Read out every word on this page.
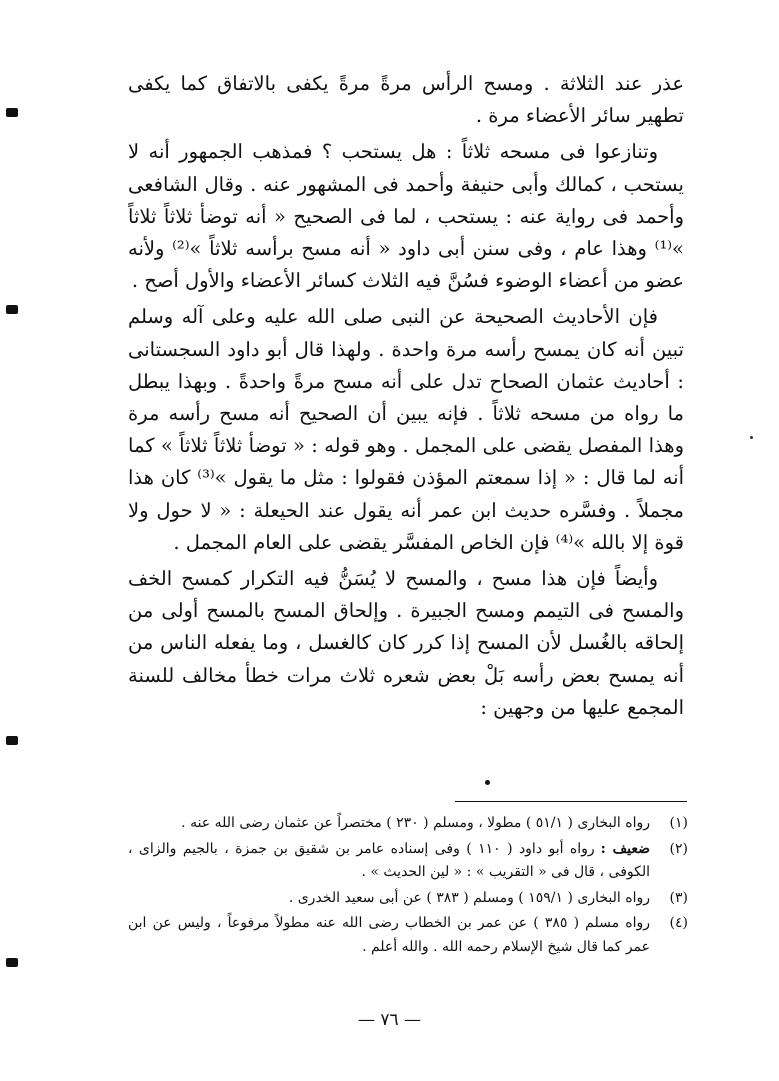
عذر عند الثلاثة . ومسح الرأس مرةً مرةً يكفى بالاتفاق كما يكفى تطهير سائر الأعضاء مرة .

وتنازعوا فى مسحه ثلاثاً : هل يستحب ؟ فمذهب الجمهور أنه لا يستحب ، كمالك وأبى حنيفة وأحمد فى المشهور عنه . وقال الشافعى وأحمد فى رواية عنه : يستحب ، لما فى الصحيح « أنه توضأ ثلاثاً ثلاثاً »⁽¹⁾ وهذا عام ، وفى سنن أبى داود « أنه مسح برأسه ثلاثاً »⁽²⁾ ولأنه عضو من أعضاء الوضوء فسُنَّ فيه الثلاث كسائر الأعضاء والأول أصح .

فإن الأحاديث الصحيحة عن النبى صلى الله عليه وعلى آله وسلم تبين أنه كان يمسح رأسه مرة واحدة . ولهذا قال أبو داود السجستانى : أحاديث عثمان الصحاح تدل على أنه مسح مرةً واحدةً . وبهذا يبطل ما رواه من مسحه ثلاثاً . فإنه يبين أن الصحيح أنه مسح رأسه مرة وهذا المفصل يقضى على المجمل . وهو قوله : « توضأ ثلاثاً ثلاثاً » كما أنه لما قال : « إذا سمعتم المؤذن فقولوا : مثل ما يقول »⁽³⁾ كان هذا مجملاً . وفسَّره حديث ابن عمر أنه يقول عند الحيعلة : « لا حول ولا قوة إلا بالله »⁽⁴⁾ فإن الخاص المفسَّر يقضى على العام المجمل .

وأيضاً فإن هذا مسح ، والمسح لا يُسَنُّ فيه التكرار كمسح الخف والمسح فى التيمم ومسح الجبيرة . وإلحاق المسح بالمسح أولى من إلحاقه بالغُسل لأن المسح إذا كرر كان كالغسل ، وما يفعله الناس من أنه يمسح بعض رأسه بَلْ بعض شعره ثلاث مرات خطأ مخالف للسنة المجمع عليها من وجهين :

(١)
رواه البخارى ( ٥١/١ ) مطولا ، ومسلم ( ٢٣٠ ) مختصراً عن عثمان رضى الله عنه .
(٢)
ضعيف :رواه أبو داود ( ١١٠ ) وفى إسناده عامر بن شقيق بن جمزة ، بالجيم والزاى ، الكوفى ، قال فى « التقريب » : « لين الحديث » .
(٣)
رواه البخارى ( ١٥٩/١ ) ومسلم ( ٣٨٣ ) عن أبى سعيد الخدرى .
(٤)
رواه مسلم ( ٣٨٥ ) عن عمر بن الخطاب رضى الله عنه مطولاً مرفوعاً ، وليس عن ابن عمر كما قال شيخ الإسلام رحمه الله . والله أعلم .
— ٧٦ —
